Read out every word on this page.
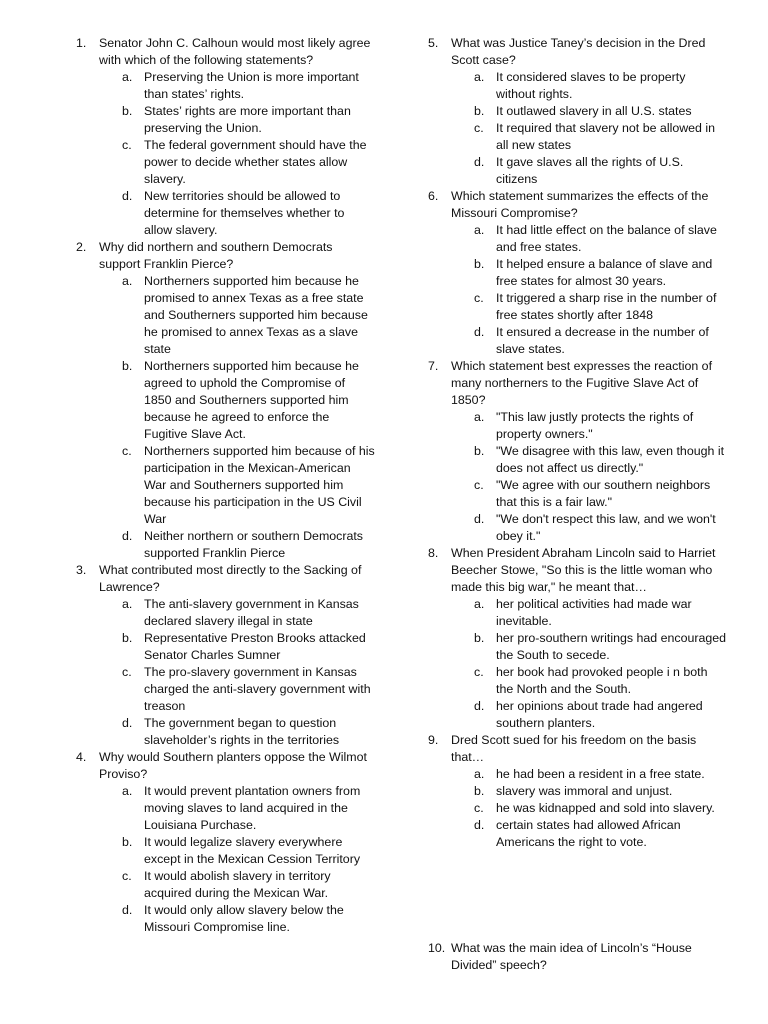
1.	Senator John C. Calhoun would most likely agree with which of the following statements?
a. Preserving the Union is more important than states’ rights.
b. States’ rights are more important than preserving the Union.
c. The federal government should have the power to decide whether states allow slavery.
d. New territories should be allowed to determine for themselves whether to allow slavery.
2.	Why did northern and southern Democrats support Franklin Pierce?
a. Northerners supported him because he promised to annex Texas as a free state and Southerners supported him because he promised to annex Texas as a slave state
b. Northerners supported him because he agreed to uphold the Compromise of 1850 and Southerners supported him because he agreed to enforce the Fugitive Slave Act.
c. Northerners supported him because of his participation in the Mexican-American War and Southerners supported him because his participation in the US Civil War
d. Neither northern or southern Democrats supported Franklin Pierce
3.	What contributed most directly to the Sacking of Lawrence?
a. The anti-slavery government in Kansas declared slavery illegal in state
b. Representative Preston Brooks attacked Senator Charles Sumner
c. The pro-slavery government in Kansas charged the anti-slavery government with treason
d. The government began to question slaveholder’s rights in the territories
4.	Why would Southern planters oppose the Wilmot Proviso?
a. It would prevent plantation owners from moving slaves to land acquired in the Louisiana Purchase.
b. It would legalize slavery everywhere except in the Mexican Cession Territory
c. It would abolish slavery in territory acquired during the Mexican War.
d. It would only allow slavery below the Missouri Compromise line.
5.	What was Justice Taney’s decision in the Dred Scott case?
a. It considered slaves to be property without rights.
b. It outlawed slavery in all U.S. states
c. It required that slavery not be allowed in all new states
d. It gave slaves all the rights of U.S. citizens
6.	Which statement summarizes the effects of the Missouri Compromise?
a. It had little effect on the balance of slave and free states.
b. It helped ensure a balance of slave and free states for almost 30 years.
c. It triggered a sharp rise in the number of free states shortly after 1848
d. It ensured a decrease in the number of slave states.
7.	Which statement best expresses the reaction of many northerners to the Fugitive Slave Act of 1850?
a. "This law justly protects the rights of property owners."
b. "We disagree with this law, even though it does not affect us directly."
c. "We agree with our southern neighbors that this is a fair law."
d. "We don't respect this law, and we won't obey it."
8.	When President Abraham Lincoln said to Harriet Beecher Stowe, "So this is the little woman who made this big war," he meant that…
a. her political activities had made war inevitable.
b. her pro-southern writings had encouraged the South to secede.
c. her book had provoked people i n both the North and the South.
d. her opinions about trade had angered southern planters.
9.	Dred Scott sued for his freedom on the basis that…
a. he had been a resident in a free state.
b. slavery was immoral and unjust.
c. he was kidnapped and sold into slavery.
d. certain states had allowed African Americans the right to vote.
10. What was the main idea of Lincoln’s “House Divided” speech?
